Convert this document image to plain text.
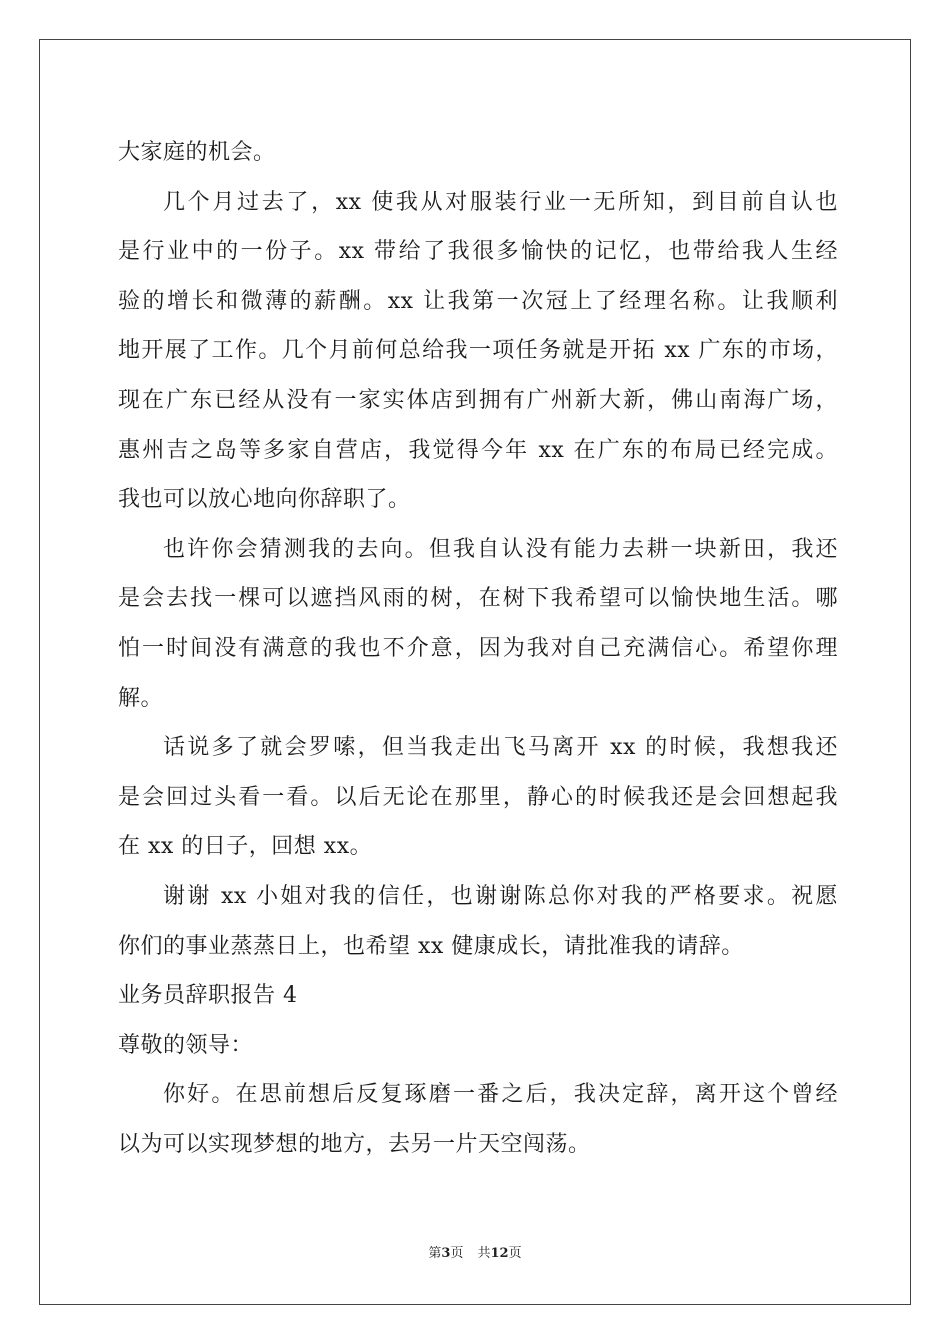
大家庭的机会。
几个月过去了，xx 使我从对服装行业一无所知，到目前自认也
是行业中的一份子。xx 带给了我很多愉快的记忆，也带给我人生经
验的增长和微薄的薪酬。xx 让我第一次冠上了经理名称。让我顺利
地开展了工作。几个月前何总给我一项任务就是开拓 xx 广东的市场，
现在广东已经从没有一家实体店到拥有广州新大新，佛山南海广场，
惠州吉之岛等多家自营店，我觉得今年 xx 在广东的布局已经完成。
我也可以放心地向你辞职了。
也许你会猜测我的去向。但我自认没有能力去耕一块新田，我还
是会去找一棵可以遮挡风雨的树，在树下我希望可以愉快地生活。哪
怕一时间没有满意的我也不介意，因为我对自己充满信心。希望你理
解。
话说多了就会罗嗦，但当我走出飞马离开 xx 的时候，我想我还
是会回过头看一看。以后无论在那里，静心的时候我还是会回想起我
在 xx 的日子，回想 xx。
谢谢 xx 小姐对我的信任，也谢谢陈总你对我的严格要求。祝愿
你们的事业蒸蒸日上，也希望 xx 健康成长，请批准我的请辞。
业务员辞职报告 4
尊敬的领导：
你好。在思前想后反复琢磨一番之后，我决定辞，离开这个曾经
以为可以实现梦想的地方，去另一片天空闯荡。
第3页 共12页
